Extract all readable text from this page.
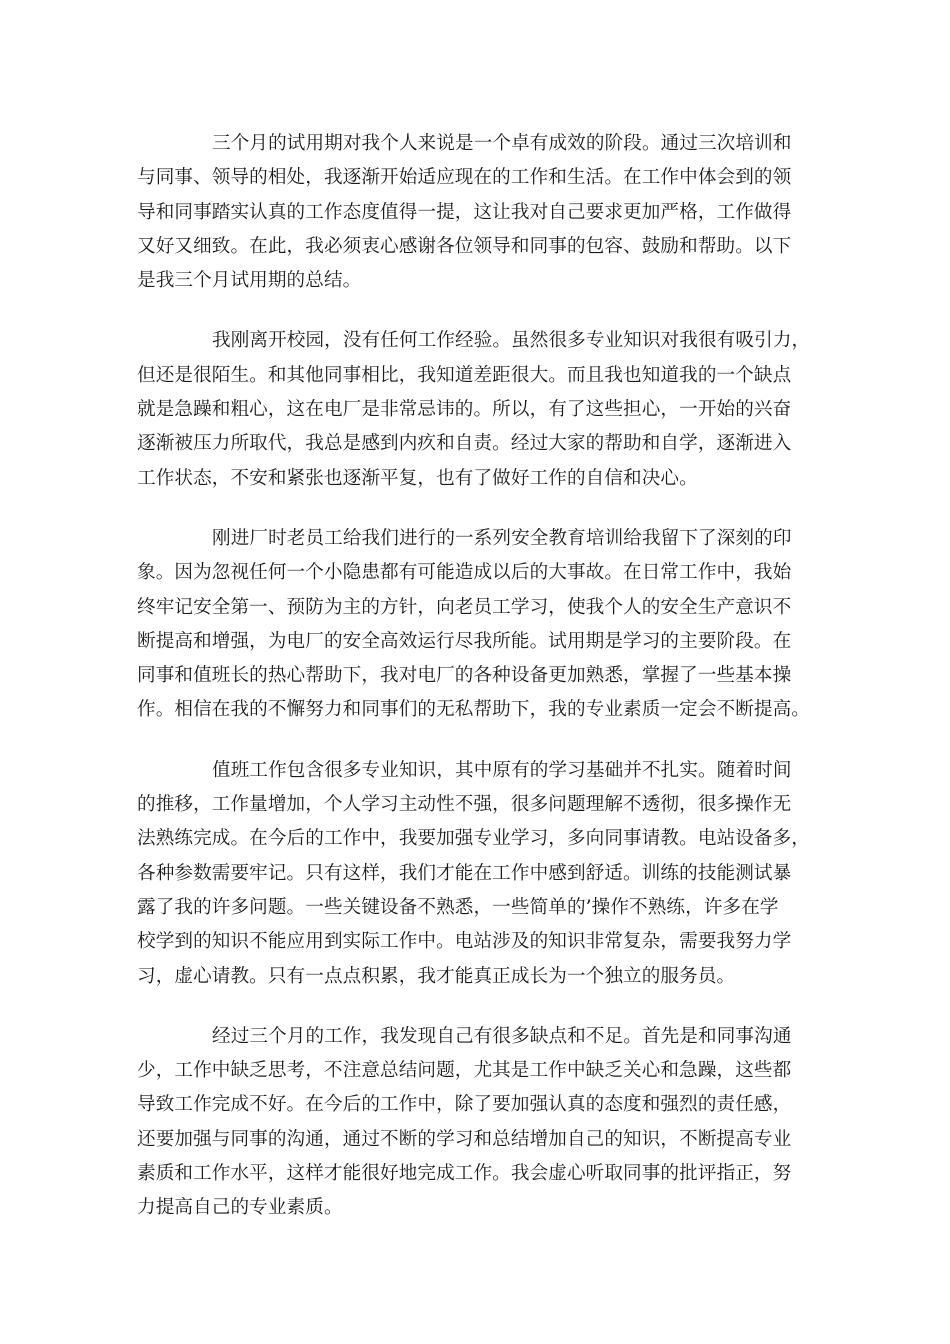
三个月的试用期对我个人来说是一个卓有成效的阶段。通过三次培训和
与同事、领导的相处，我逐渐开始适应现在的工作和生活。在工作中体会到的领
导和同事踏实认真的工作态度值得一提，这让我对自己要求更加严格，工作做得
又好又细致。在此，我必须衷心感谢各位领导和同事的包容、鼓励和帮助。以下
是我三个月试用期的总结。

我刚离开校园，没有任何工作经验。虽然很多专业知识对我很有吸引力，
但还是很陌生。和其他同事相比，我知道差距很大。而且我也知道我的一个缺点
就是急躁和粗心，这在电厂是非常忌讳的。所以，有了这些担心，一开始的兴奋
逐渐被压力所取代，我总是感到内疚和自责。经过大家的帮助和自学，逐渐进入
工作状态，不安和紧张也逐渐平复，也有了做好工作的自信和决心。

刚进厂时老员工给我们进行的一系列安全教育培训给我留下了深刻的印
象。因为忽视任何一个小隐患都有可能造成以后的大事故。在日常工作中，我始
终牢记安全第一、预防为主的方针，向老员工学习，使我个人的安全生产意识不
断提高和增强，为电厂的安全高效运行尽我所能。试用期是学习的主要阶段。在
同事和值班长的热心帮助下，我对电厂的各种设备更加熟悉，掌握了一些基本操
作。相信在我的不懈努力和同事们的无私帮助下，我的专业素质一定会不断提高。

值班工作包含很多专业知识，其中原有的学习基础并不扎实。随着时间
的推移，工作量增加，个人学习主动性不强，很多问题理解不透彻，很多操作无
法熟练完成。在今后的工作中，我要加强专业学习，多向同事请教。电站设备多，
各种参数需要牢记。只有这样，我们才能在工作中感到舒适。训练的技能测试暴
露了我的许多问题。一些关键设备不熟悉，一些简单的’操作不熟练，许多在学
校学到的知识不能应用到实际工作中。电站涉及的知识非常复杂，需要我努力学
习，虚心请教。只有一点点积累，我才能真正成长为一个独立的服务员。

经过三个月的工作，我发现自己有很多缺点和不足。首先是和同事沟通
少，工作中缺乏思考，不注意总结问题，尤其是工作中缺乏关心和急躁，这些都
导致工作完成不好。在今后的工作中，除了要加强认真的态度和强烈的责任感，
还要加强与同事的沟通，通过不断的学习和总结增加自己的知识，不断提高专业
素质和工作水平，这样才能很好地完成工作。我会虚心听取同事的批评指正，努
力提高自己的专业素质。
